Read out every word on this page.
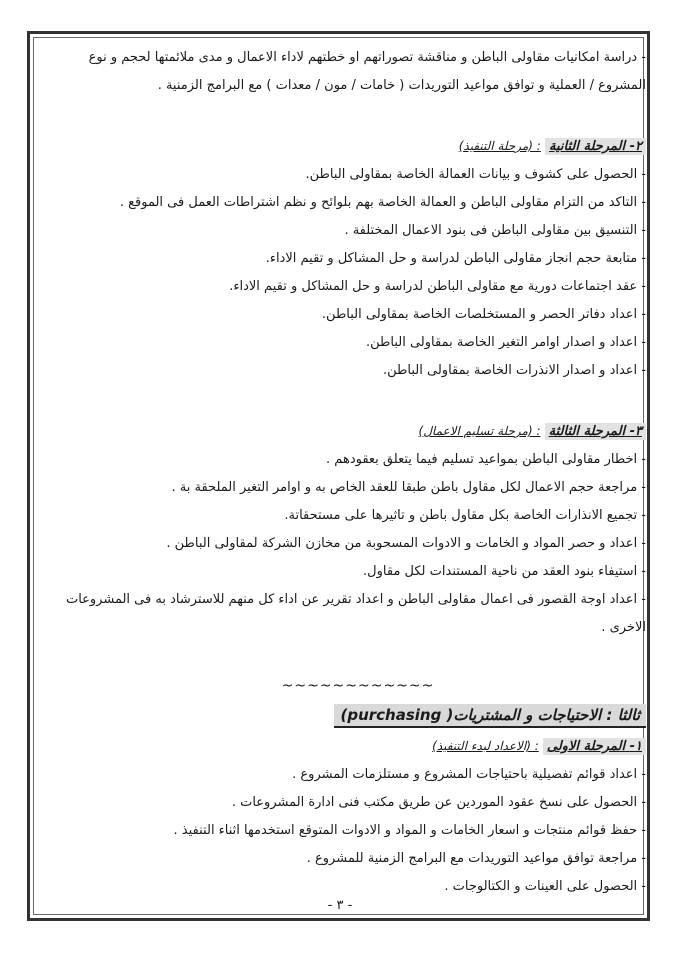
- دراسة امكانيات مقاولى الباطن و مناقشة تصوراتهم او خطتهم لاداء الاعمال و مدى ملائمتها لحجم و نوع
المشروع / العملية و توافق مواعيد التوريدات ( خامات / مون / معدات ) مع البرامج الزمنية .
٢- المرحلة الثانية : (مرحلة التنفيذ)
- الحصول على كشوف و بيانات العمالة الخاصة بمقاولى الباطن.
- التاكد من التزام مقاولى الباطن و العمالة الخاصة بهم بلوائح و نظم اشتراطات العمل فى الموقع .
- التنسيق بين مقاولى الباطن فى بنود الاعمال المختلفة .
- متابعة حجم انجاز مقاولى الباطن لدراسة و حل المشاكل و تقيم الاداء.
- عقد اجتماعات دورية مع مقاولى الباطن لدراسة و حل المشاكل و تقيم الاداء.
- اعداد دفاتر الحصر و المستخلصات الخاصة بمقاولى الباطن.
- اعداد و اصدار اوامر التغير الخاصة بمقاولى الباطن.
- اعداد و اصدار الانذرات الخاصة بمقاولى الباطن.
٣- المرحلة الثالثة : (مرحلة تسليم الاعمال)
- اخطار مقاولى الباطن بمواعيد تسليم فيما يتعلق بعقودهم .
- مراجعة حجم الاعمال لكل مقاول باطن طبقا للعقد الخاص به و اوامر التغير الملحقة بة .
- تجميع الانذارات الخاصة بكل مقاول باطن و تاثيرها على مستحقاتة.
- اعداد و حصر المواد و الخامات و الادوات المسحوبة من مخازن الشركة لمقاولى الباطن .
- استيفاء بنود العقد من ناحية المستندات لكل مقاول.
- اعداد اوجة القصور فى اعمال مقاولى الباطن و اعداد تقرير عن اداء كل منهم للاسترشاد به فى المشروعات الاخرى .
~~~~~~~~~~~~
ثالثا : الاحتياجات و المشتريات( purchasing)
١- المرحلة الاولى : (الاعداد لبدء التنفيذ)
- اعداد قوائم تفصيلية باحتياجات المشروع و مستلزمات المشروع .
- الحصول على نسخ عقود الموردين عن طريق مكتب فنى ادارة المشروعات .
- حفظ قوائم منتجات و اسعار الخامات و المواد و الادوات المتوقع استخدمها اثناء التنفيذ .
- مراجعة توافق مواعيد التوريدات مع البرامج الزمنية للمشروع .
- الحصول على العينات و الكتالوجات .
- ٣ -
